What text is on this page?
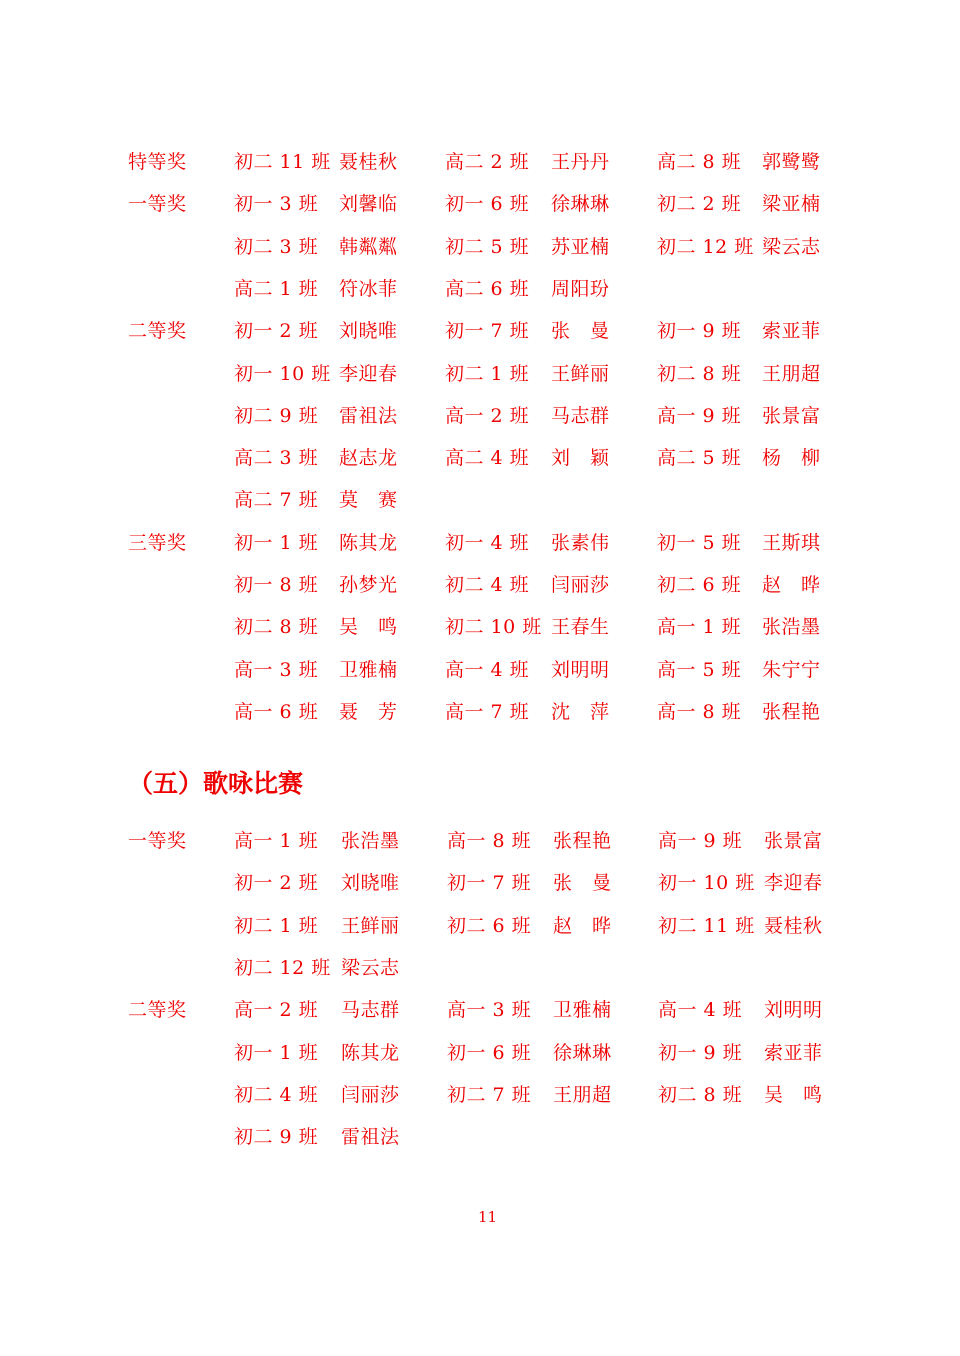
特等奖 初二 11 班 聂桂秋 高二 2 班 王丹丹 高二 8 班 郭鹭鹭
一等奖 初一 3 班 刘馨临 初一 6 班 徐琳琳 初二 2 班 梁亚楠
初二 3 班 韩粼粼 初二 5 班 苏亚楠 初二 12 班 梁云志
高二 1 班 符冰菲 高二 6 班 周阳玢
二等奖 初一 2 班 刘晓唯 初一 7 班 张　曼 初一 9 班 索亚菲
初一 10 班 李迎春 初二 1 班 王鲜丽 初二 8 班 王朋超
初二 9 班 雷祖法 高一 2 班 马志群 高一 9 班 张景富
高二 3 班 赵志龙 高二 4 班 刘　颖 高二 5 班 杨　柳
高二 7 班 莫　赛
三等奖 初一 1 班 陈其龙 初一 4 班 张素伟 初一 5 班 王斯琪
初一 8 班 孙梦光 初二 4 班 闫丽莎 初二 6 班 赵　晔
初二 8 班 吴　鸣 初二 10 班 王春生 高一 1 班 张浩墨
高一 3 班 卫雅楠 高一 4 班 刘明明 高一 5 班 朱宁宁
高一 6 班 聂　芳 高一 7 班 沈　萍 高一 8 班 张程艳
（五）歌咏比赛
一等奖 高一 1 班 张浩墨 高一 8 班 张程艳 高一 9 班 张景富
初一 2 班 刘晓唯 初一 7 班 张　曼 初一 10 班 李迎春
初二 1 班 王鲜丽 初二 6 班 赵　晔 初二 11 班 聂桂秋
初二 12 班 梁云志
二等奖 高一 2 班 马志群 高一 3 班 卫雅楠 高一 4 班 刘明明
初一 1 班 陈其龙 初一 6 班 徐琳琳 初一 9 班 索亚菲
初二 4 班 闫丽莎 初二 7 班 王朋超 初二 8 班 吴　鸣
初二 9 班 雷祖法
11
